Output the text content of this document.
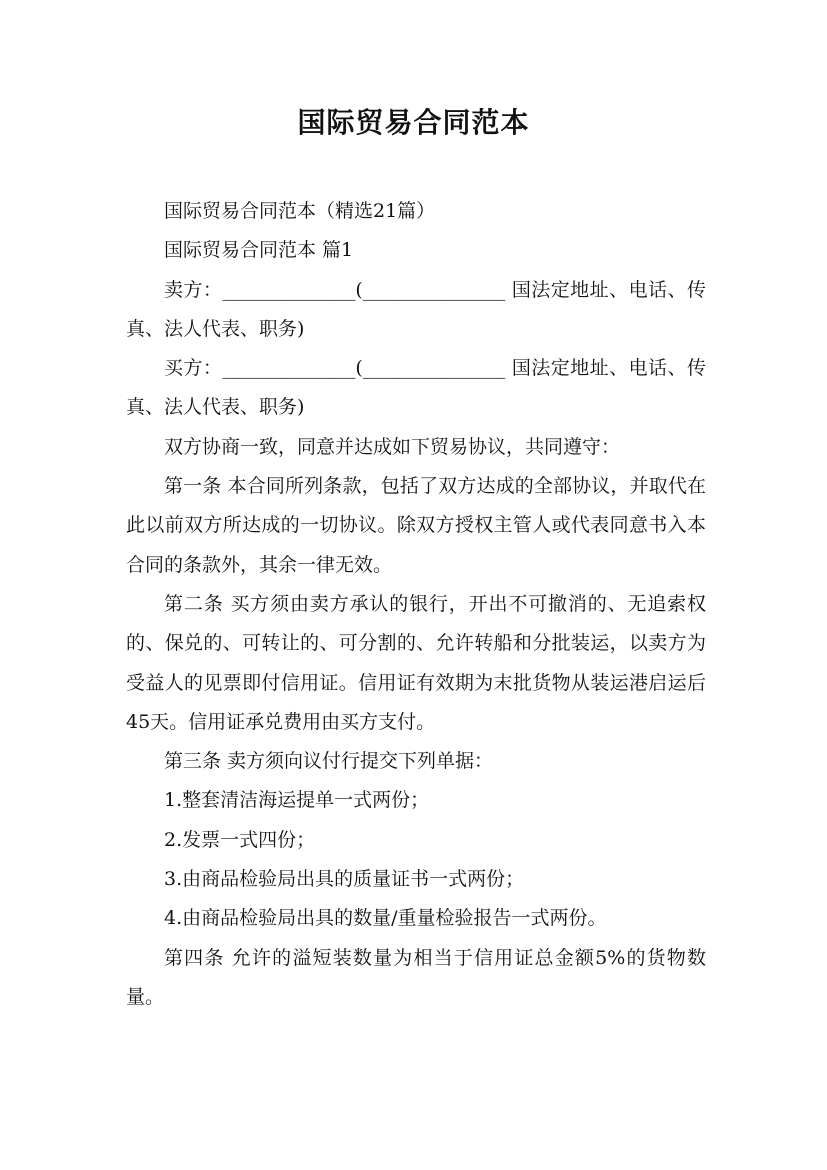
国际贸易合同范本

国际贸易合同范本（精选21篇）

国际贸易合同范本 篇1

卖方：______________(_______________ 国法定地址、电话、传真、法人代表、职务)

买方：______________(_______________ 国法定地址、电话、传真、法人代表、职务)

双方协商一致，同意并达成如下贸易协议，共同遵守：

第一条 本合同所列条款，包括了双方达成的全部协议，并取代在此以前双方所达成的一切协议。除双方授权主管人或代表同意书入本合同的条款外，其余一律无效。

第二条 买方须由卖方承认的银行，开出不可撤消的、无追索权的、保兑的、可转让的、可分割的、允许转船和分批装运，以卖方为受益人的见票即付信用证。信用证有效期为末批货物从装运港启运后45天。信用证承兑费用由买方支付。

第三条 卖方须向议付行提交下列单据：

1.整套清洁海运提单一式两份；

2.发票一式四份；

3.由商品检验局出具的质量证书一式两份；

4.由商品检验局出具的数量/重量检验报告一式两份。

第四条 允许的溢短装数量为相当于信用证总金额5%的货物数量。
